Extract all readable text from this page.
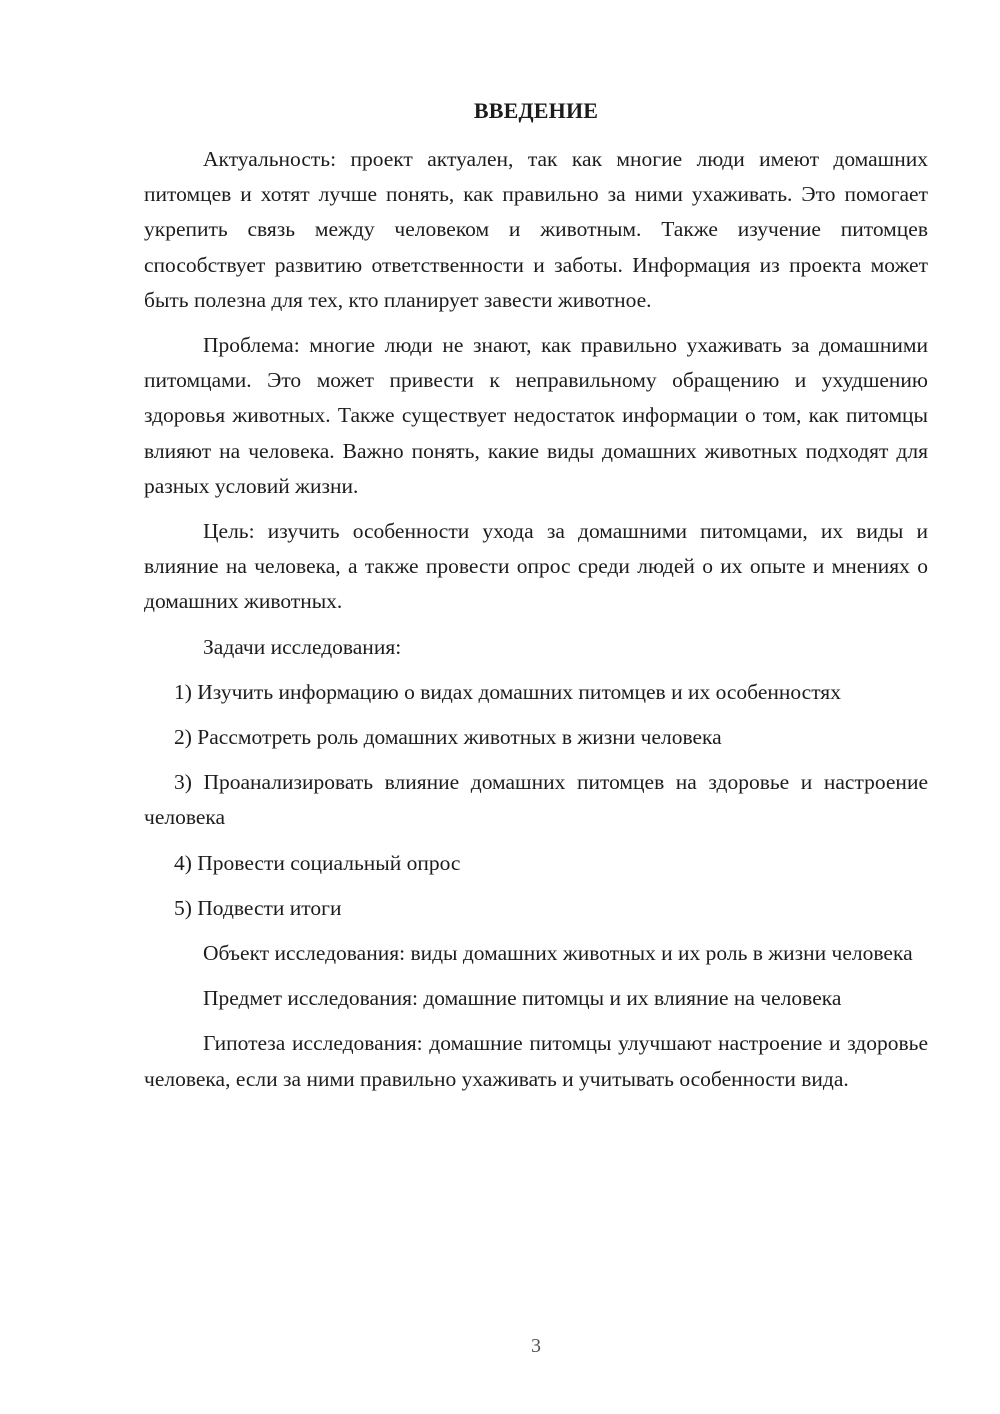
ВВЕДЕНИЕ

Актуальность: проект актуален, так как многие люди имеют домашних питомцев и хотят лучше понять, как правильно за ними ухаживать. Это помогает укрепить связь между человеком и животным. Также изучение питомцев способствует развитию ответственности и заботы. Информация из проекта может быть полезна для тех, кто планирует завести животное.

Проблема: многие люди не знают, как правильно ухаживать за домашними питомцами. Это может привести к неправильному обращению и ухудшению здоровья животных. Также существует недостаток информации о том, как питомцы влияют на человека. Важно понять, какие виды домашних животных подходят для разных условий жизни.

Цель: изучить особенности ухода за домашними питомцами, их виды и влияние на человека, а также провести опрос среди людей о их опыте и мнениях о домашних животных.

Задачи исследования:

1) Изучить информацию о видах домашних питомцев и их особенностях

2) Рассмотреть роль домашних животных в жизни человека

3) Проанализировать влияние домашних питомцев на здоровье и настроение человека

4) Провести социальный опрос

5) Подвести итоги

Объект исследования: виды домашних животных и их роль в жизни человека

Предмет исследования: домашние питомцы и их влияние на человека

Гипотеза исследования: домашние питомцы улучшают настроение и здоровье человека, если за ними правильно ухаживать и учитывать особенности вида.

3
